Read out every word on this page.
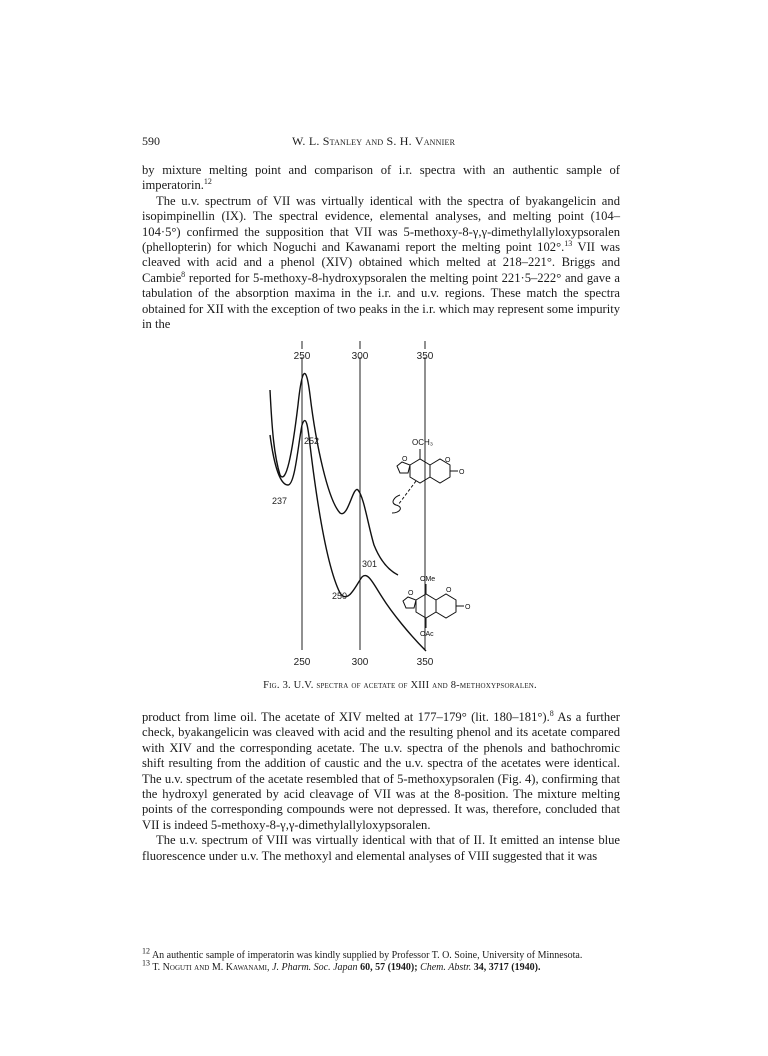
590	W. L. Stanley and S. H. Vannier

by mixture melting point and comparison of i.r. spectra with an authentic sample of imperatorin.$^{12}$

The u.v. spectrum of VII was virtually identical with the spectra of byakangelicin and isopimpinellin (IX). The spectral evidence, elemental analyses, and melting point (104–104·5°) confirmed the supposition that VII was 5-methoxy-8-γ,γ-dimethylallyloxypsoralen (phellopterin) for which Noguchi and Kawanami report the melting point 102°.$^{13}$ VII was cleaved with acid and a phenol (XIV) obtained which melted at 218–221°. Briggs and Cambie$^8$ reported for 5-methoxy-8-hydroxypsoralen the melting point 221·5–222° and gave a tabulation of the absorption maxima in the i.r. and u.v. regions. These match the spectra obtained for XII with the exception of two peaks in the i.r. which may represent some impurity in the

250	300	350
250	300	350
252
237
301
250
OCH₃
O	O
O
OMe
O	O
O
OAc
Fig. 3. U.V. spectra of acetate of XIII and 8-methoxypsoralen.

product from lime oil. The acetate of XIV melted at 177–179° (lit. 180–181°).$^8$ As a further check, byakangelicin was cleaved with acid and the resulting phenol and its acetate compared with XIV and the corresponding acetate. The u.v. spectra of the phenols and bathochromic shift resulting from the addition of caustic and the u.v. spectra of the acetates were identical. The u.v. spectrum of the acetate resembled that of 5-methoxypsoralen (Fig. 4), confirming that the hydroxyl generated by acid cleavage of VII was at the 8-position. The mixture melting points of the corresponding compounds were not depressed. It was, therefore, concluded that VII is indeed 5-methoxy-8-γ,γ-dimethylallyloxypsoralen.

The u.v. spectrum of VIII was virtually identical with that of II. It emitted an intense blue fluorescence under u.v. The methoxyl and elemental analyses of VIII suggested that it was

$^{12}$ An authentic sample of imperatorin was kindly supplied by Professor T. O. Soine, University of Minnesota.

$^{13}$ T. Noguti and M. Kawanami, J. Pharm. Soc. Japan 60, 57 (1940); Chem. Abstr. 34, 3717 (1940).
